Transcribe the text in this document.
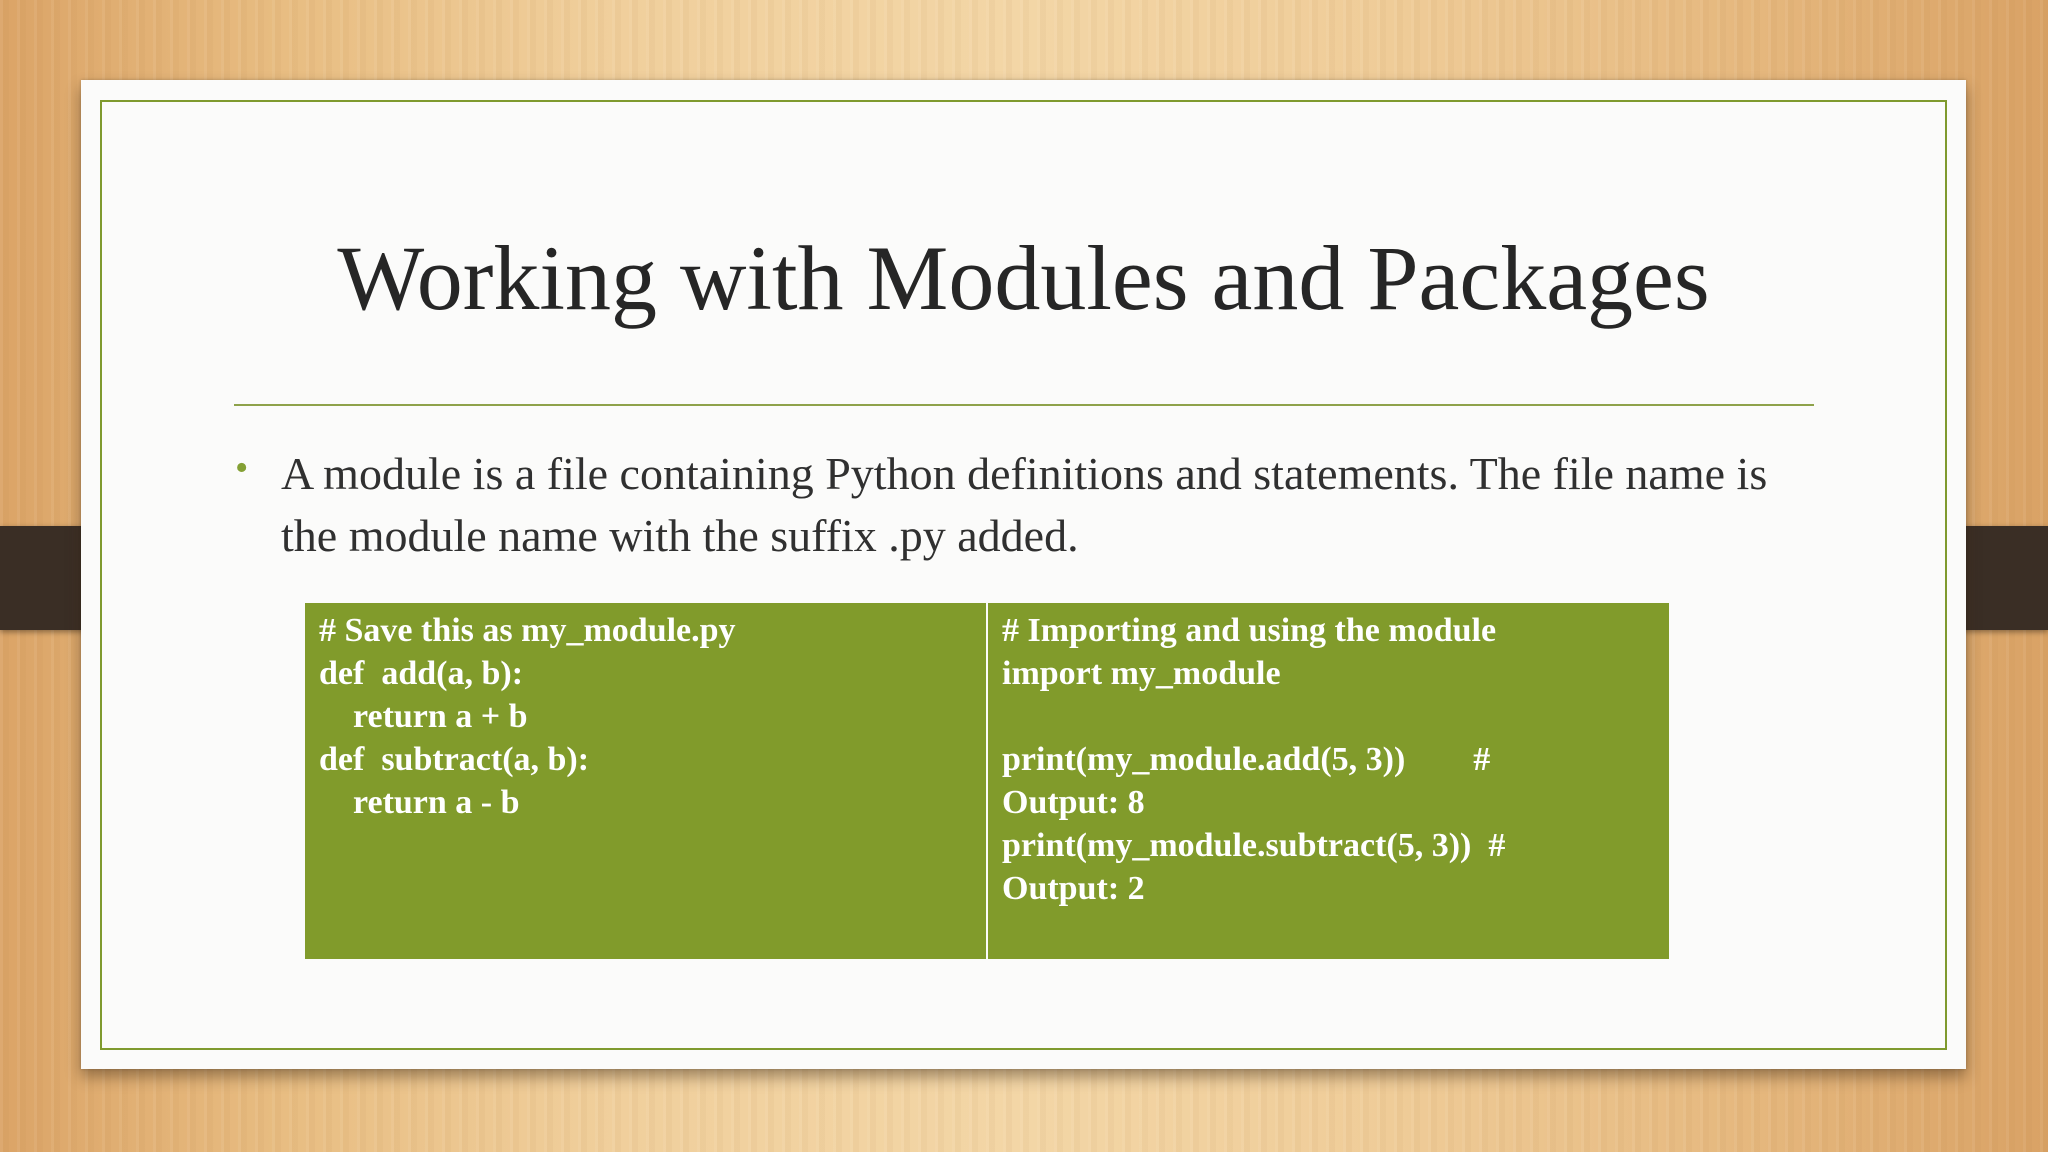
Working with Modules and Packages
• A module is a file containing Python definitions and statements. The file name is the module name with the suffix .py added.
# Save this as my_module.py
def  add(a, b):
return a + b
def  subtract(a, b):
return a - b
# Importing and using the module
import my_module
print(my_module.add(5, 3))        #
Output: 8
print(my_module.subtract(5, 3))  #
Output: 2
